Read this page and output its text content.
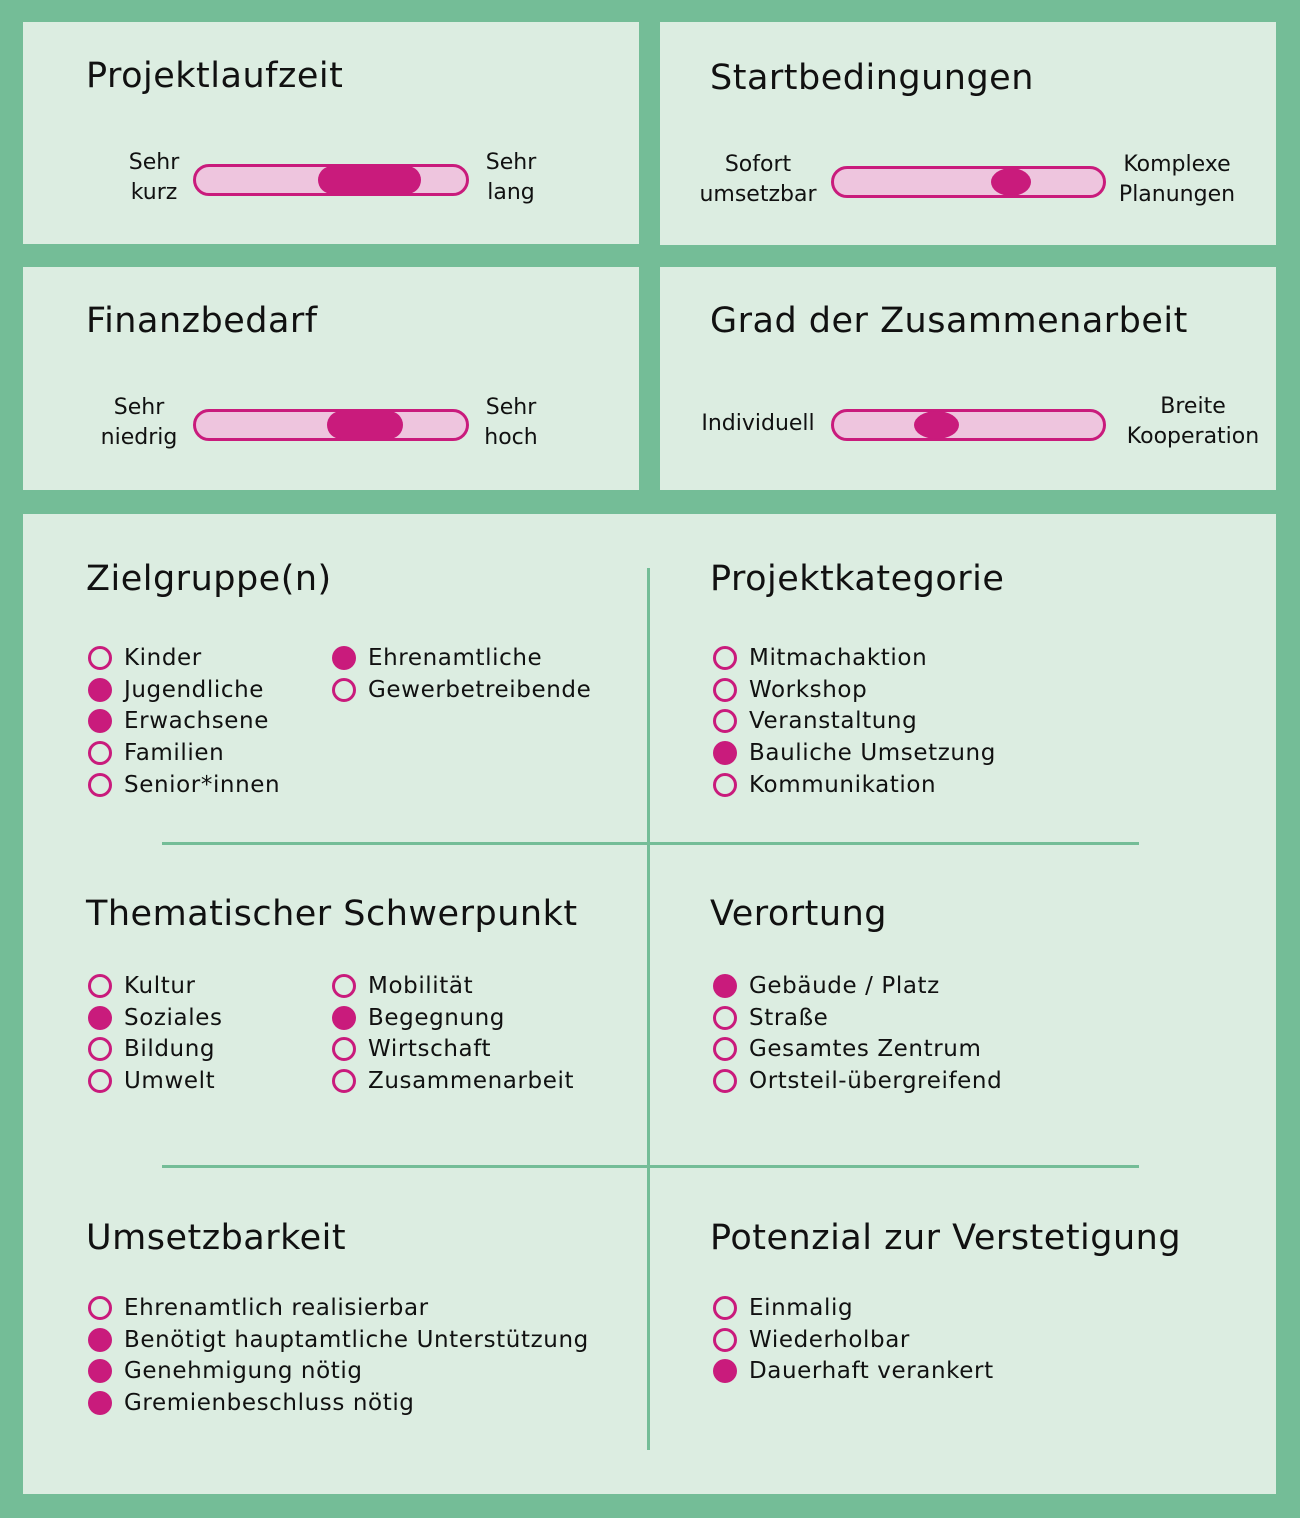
Projektlaufzeit
Sehr
kurz
Sehr
lang
Startbedingungen
Sofort
umsetzbar
Komplexe
Planungen
Finanzbedarf
Sehr
niedrig
Sehr
hoch
Grad der Zusammenarbeit
Individuell
Breite
Kooperation
Zielgruppe(n)
Kinder
Jugendliche
Erwachsene
Familien
Senior*innen
Ehrenamtliche
Gewerbetreibende
Projektkategorie
Mitmachaktion
Workshop
Veranstaltung
Bauliche Umsetzung
Kommunikation
Thematischer Schwerpunkt
Kultur
Soziales
Bildung
Umwelt
Mobilität
Begegnung
Wirtschaft
Zusammenarbeit
Verortung
Gebäude / Platz
Straße
Gesamtes Zentrum
Ortsteil-übergreifend
Umsetzbarkeit
Ehrenamtlich realisierbar
Benötigt hauptamtliche Unterstützung
Genehmigung nötig
Gremienbeschluss nötig
Potenzial zur Verstetigung
Einmalig
Wiederholbar
Dauerhaft verankert
